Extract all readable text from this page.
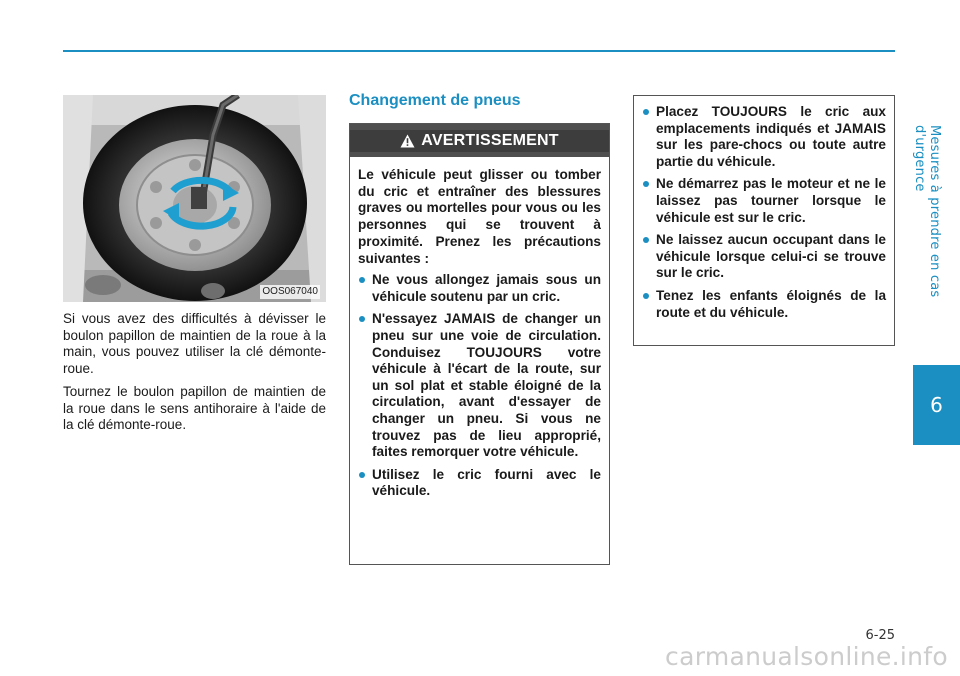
Mesures à prendre en cas d'urgence
6
OOS067040

Si vous avez des difficultés à dévisser le boulon papillon de maintien de la roue à la main, vous pouvez utiliser la clé démonte-roue.

Tournez le boulon papillon de maintien de la roue dans le sens antihoraire à l'aide de la clé démonte-roue.

Changement de pneus
AVERTISSEMENT

Le véhicule peut glisser ou tomber du cric et entraîner des blessures graves ou mortelles pour vous ou les personnes qui se trouvent à proximité. Prenez les précautions suivantes :

Ne vous allongez jamais sous un véhicule soutenu par un cric.
N'essayez JAMAIS de changer un pneu sur une voie de circulation. Conduisez TOUJOURS votre véhicule à l'écart de la route, sur un sol plat et stable éloigné de la circulation, avant d'essayer de changer un pneu. Si vous ne trouvez pas de lieu approprié, faites remorquer votre véhicule.
Utilisez le cric fourni avec le véhicule.
Placez TOUJOURS le cric aux emplacements indiqués et JAMAIS sur les pare-chocs ou toute autre partie du véhicule.
Ne démarrez pas le moteur et ne le laissez pas tourner lorsque le véhicule est sur le cric.
Ne laissez aucun occupant dans le véhicule lorsque celui-ci se trouve sur le cric.
Tenez les enfants éloignés de la route et du véhicule.
6-25
carmanualsonline.info
